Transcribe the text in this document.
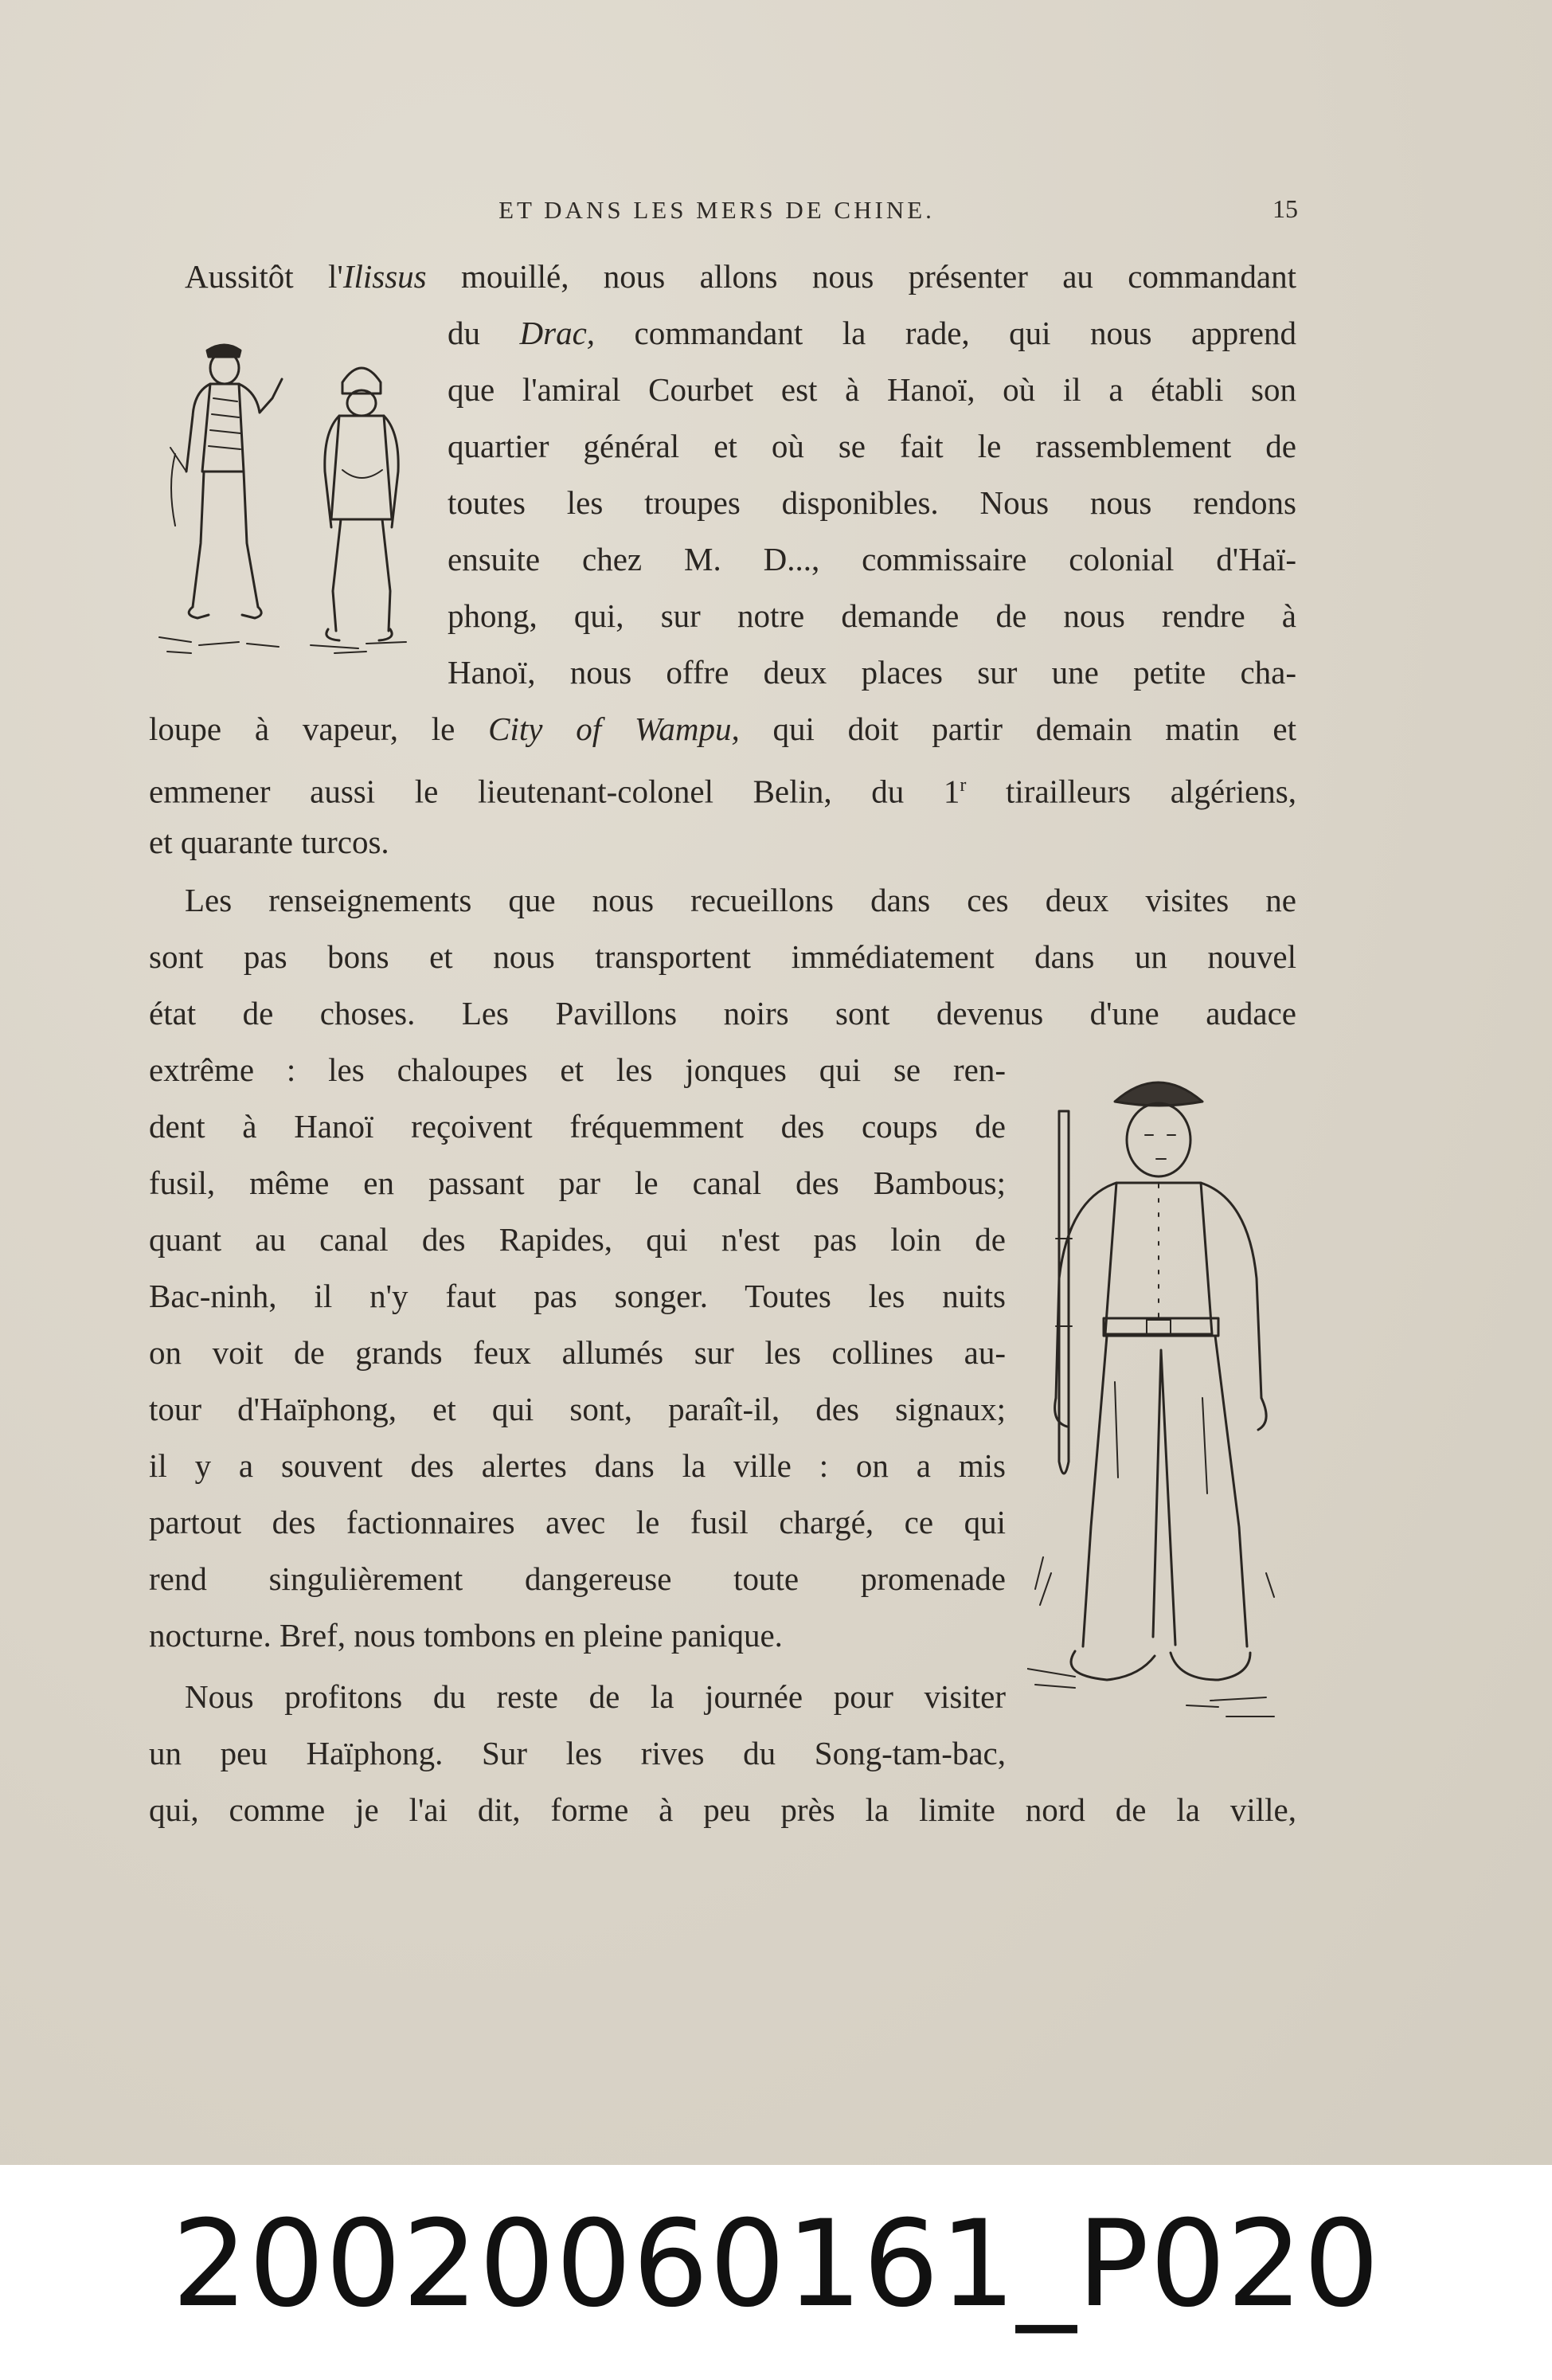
ET DANS LES MERS DE CHINE.	15
Aussitôt l'Ilissus mouillé, nous allons nous présenter au commandant
du Drac, commandant la rade, qui nous apprend
que l'amiral Courbet est à Hanoï, où il a établi son
quartier général et où se fait le rassemblement de
toutes les troupes disponibles. Nous nous rendons
ensuite chez M. D..., commissaire colonial d'Haï-
phong, qui, sur notre demande de nous rendre à
Hanoï, nous offre deux places sur une petite cha-
loupe à vapeur, le City of Wampu, qui doit partir demain matin et
emmener aussi le lieutenant-colonel Belin, du 1$^r$ tirailleurs algériens,
et quarante turcos.
Les renseignements que nous recueillons dans ces deux visites ne
sont pas bons et nous transportent immédiatement dans un nouvel
état de choses. Les Pavillons noirs sont devenus d'une audace
extrême : les chaloupes et les jonques qui se ren-
dent à Hanoï reçoivent fréquemment des coups de
fusil, même en passant par le canal des Bambous;
quant au canal des Rapides, qui n'est pas loin de
Bac-ninh, il n'y faut pas songer. Toutes les nuits
on voit de grands feux allumés sur les collines au-
tour d'Haïphong, et qui sont, paraît-il, des signaux;
il y a souvent des alertes dans la ville : on a mis
partout des factionnaires avec le fusil chargé, ce qui
rend singulièrement dangereuse toute promenade
nocturne. Bref, nous tombons en pleine panique.
Nous profitons du reste de la journée pour visiter
un peu Haïphong. Sur les rives du Song-tam-bac,
qui, comme je l'ai dit, forme à peu près la limite nord de la ville,
20020060161_P020
